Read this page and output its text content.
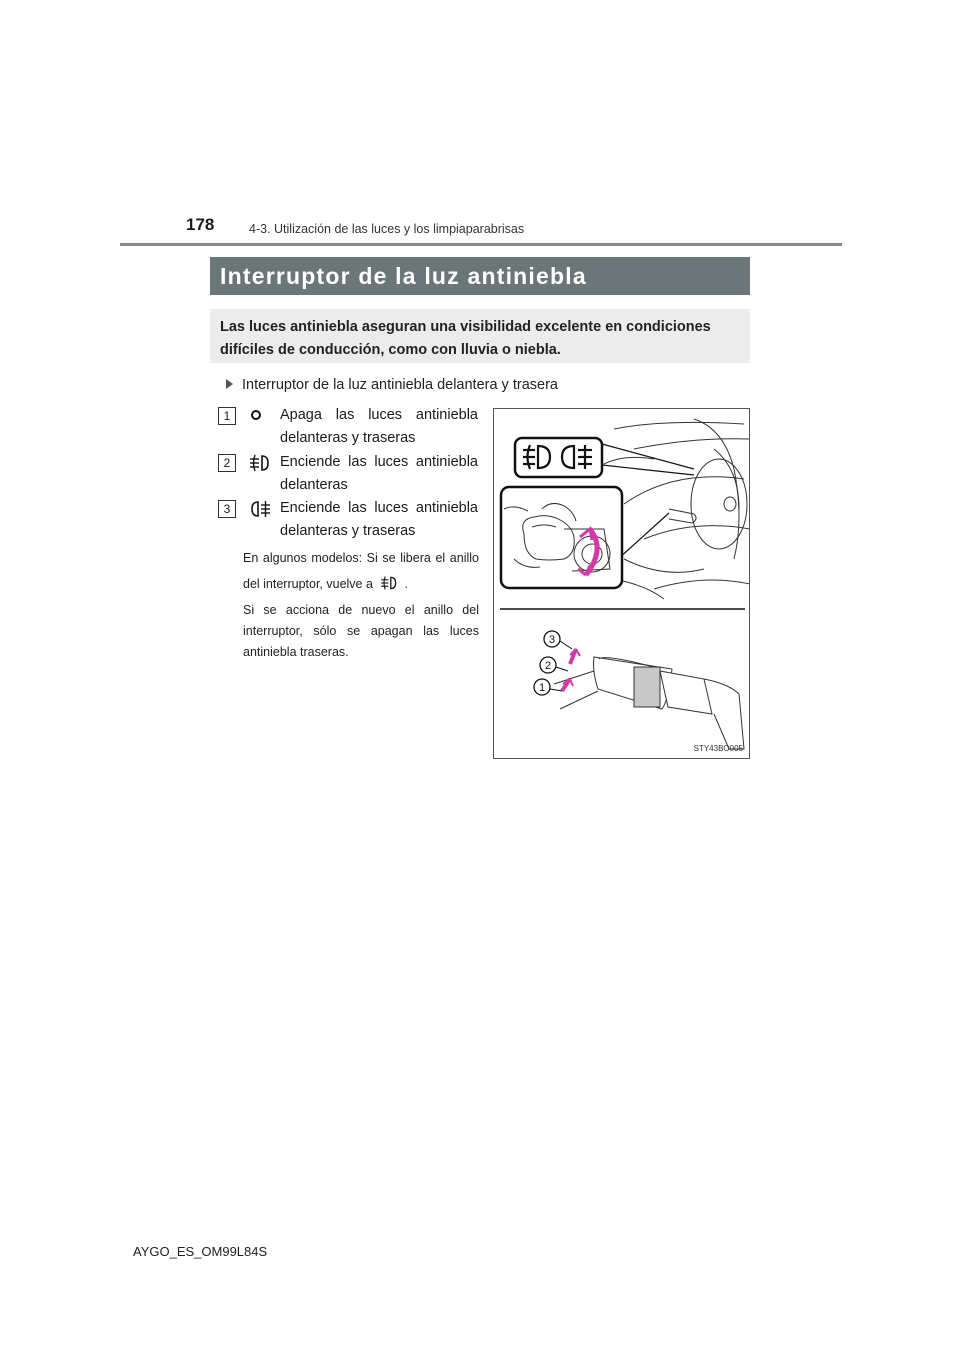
178	4-3. Utilización de las luces y los limpiaparabrisas
Interruptor de la luz antiniebla

Las luces antiniebla aseguran una visibilidad excelente en condiciones difíciles de conducción, como con lluvia o niebla.

Interruptor de la luz antiniebla delantera y trasera
1	Apaga las luces antiniebla delanteras y traseras
2	Enciende las luces antiniebla delanteras
3	Enciende las luces antiniebla delanteras y traseras
En algunos modelos: Si se libera el anillo del interruptor, vuelve a	.
Si se acciona de nuevo el anillo del interruptor, sólo se apagan las luces antiniebla traseras.
3
2
1
STY43BO005
AYGO_ES_OM99L84S
